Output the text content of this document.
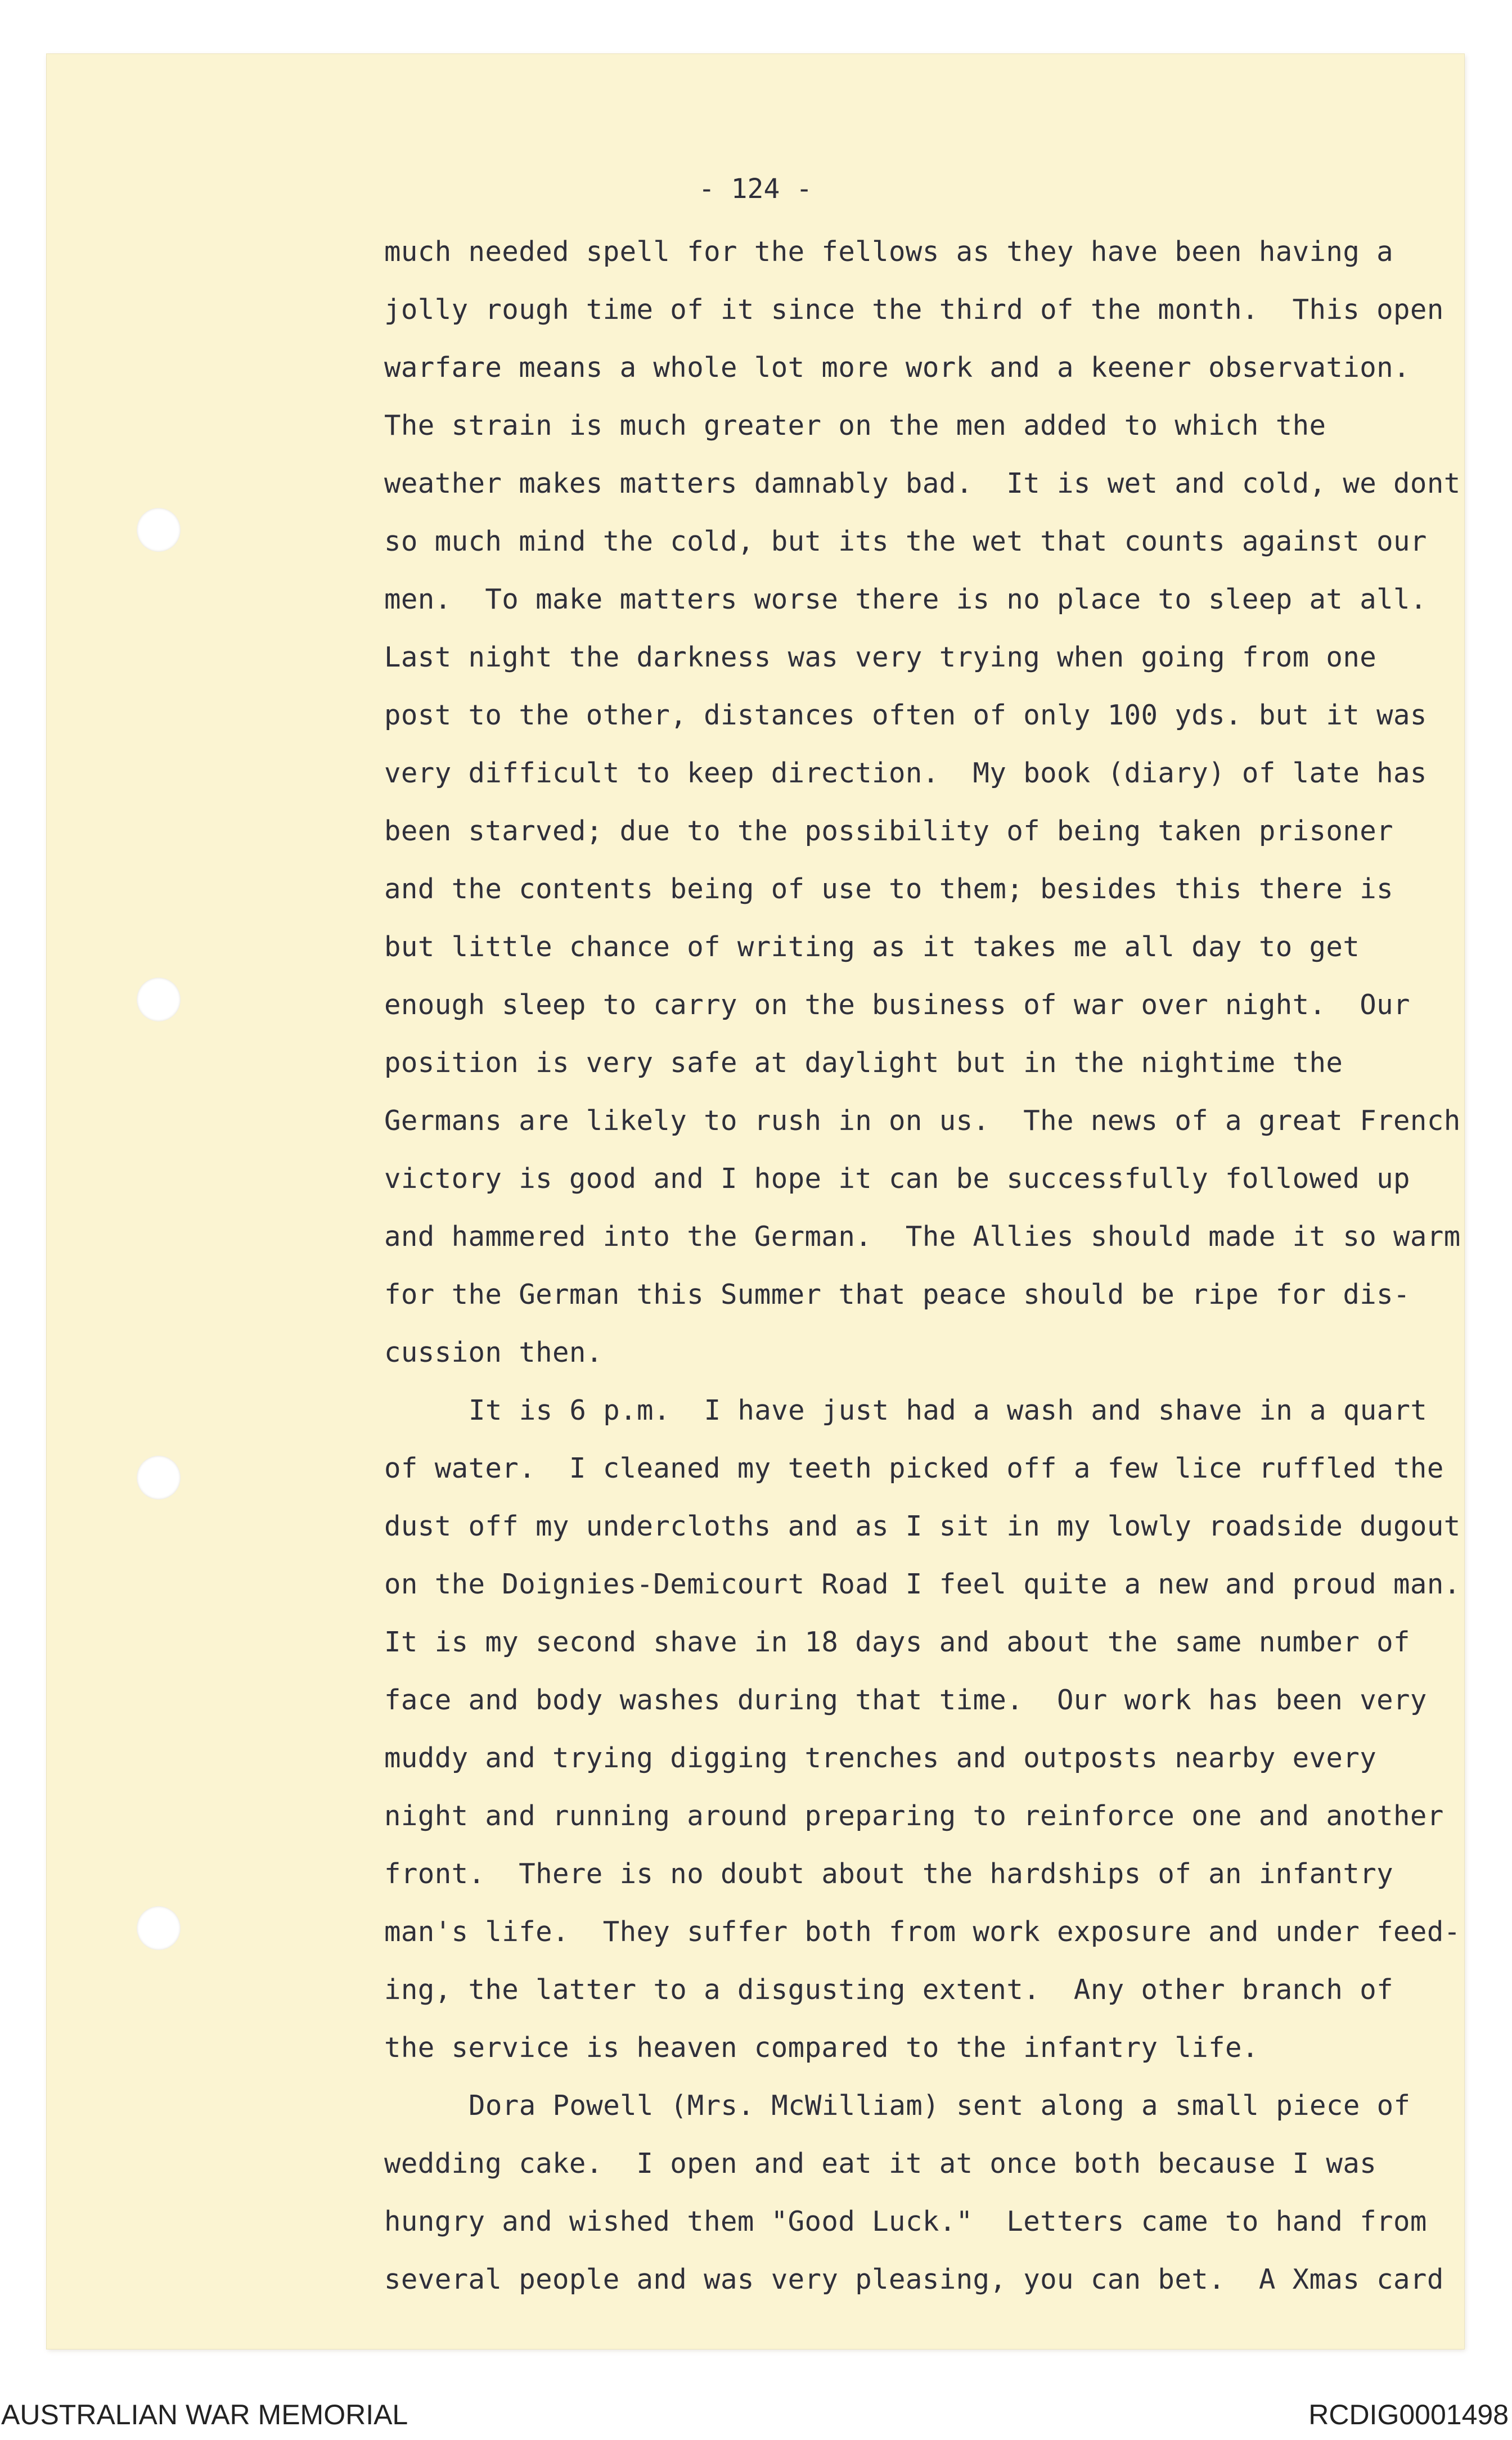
- 124 -
much needed spell for the fellows as they have been having a
jolly rough time of it since the third of the month.  This open
warfare means a whole lot more work and a keener observation.
The strain is much greater on the men added to which the
weather makes matters damnably bad.  It is wet and cold, we dont
so much mind the cold, but its the wet that counts against our
men.  To make matters worse there is no place to sleep at all.
Last night the darkness was very trying when going from one
post to the other, distances often of only 100 yds. but it was
very difficult to keep direction.  My book (diary) of late has
been starved; due to the possibility of being taken prisoner
and the contents being of use to them; besides this there is
but little chance of writing as it takes me all day to get
enough sleep to carry on the business of war over night.  Our
position is very safe at daylight but in the nightime the
Germans are likely to rush in on us.  The news of a great French
victory is good and I hope it can be successfully followed up
and hammered into the German.  The Allies should made it so warm
for the German this Summer that peace should be ripe for dis-
cussion then.
It is 6 p.m.  I have just had a wash and shave in a quart
of water.  I cleaned my teeth picked off a few lice ruffled the
dust off my undercloths and as I sit in my lowly roadside dugout
on the Doignies-Demicourt Road I feel quite a new and proud man.
It is my second shave in 18 days and about the same number of
face and body washes during that time.  Our work has been very
muddy and trying digging trenches and outposts nearby every
night and running around preparing to reinforce one and another
front.  There is no doubt about the hardships of an infantry
man's life.  They suffer both from work exposure and under feed-
ing, the latter to a disgusting extent.  Any other branch of
the service is heaven compared to the infantry life.
Dora Powell (Mrs. McWilliam) sent along a small piece of
wedding cake.  I open and eat it at once both because I was
hungry and wished them "Good Luck."  Letters came to hand from
several people and was very pleasing, you can bet.  A Xmas card
AUSTRALIAN WAR MEMORIAL	RCDIG0001498
